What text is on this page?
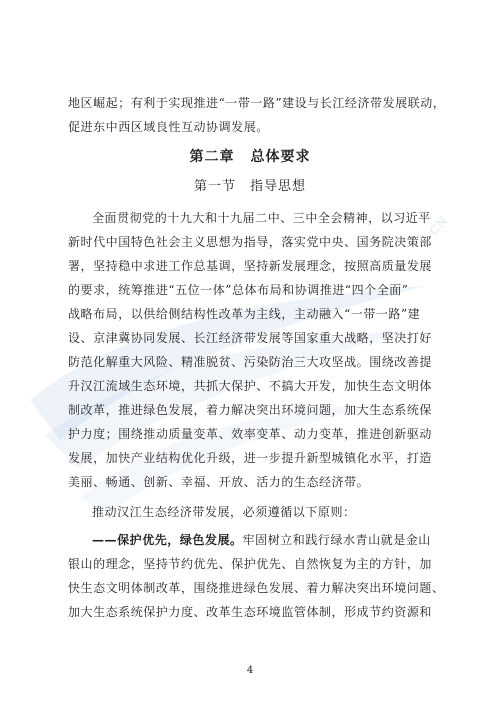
CN
地区崛起；有利于实现推进“一带一路”建设与长江经济带发展联动，
促进东中西区域良性互动协调发展。
第二章 总体要求
第一节 指导思想
全面贯彻党的十九大和十九届二中、三中全会精神，以习近平
新时代中国特色社会主义思想为指导，落实党中央、国务院决策部
署，坚持稳中求进工作总基调，坚持新发展理念，按照高质量发展
的要求，统筹推进“五位一体”总体布局和协调推进“四个全面”
战略布局，以供给侧结构性改革为主线，主动融入“一带一路”建
设、京津冀协同发展、长江经济带发展等国家重大战略，坚决打好
防范化解重大风险、精准脱贫、污染防治三大攻坚战。围绕改善提
升汉江流域生态环境，共抓大保护、不搞大开发，加快生态文明体
制改革，推进绿色发展，着力解决突出环境问题，加大生态系统保
护力度；围绕推动质量变革、效率变革、动力变革，推进创新驱动
发展，加快产业结构优化升级，进一步提升新型城镇化水平，打造
美丽、畅通、创新、幸福、开放、活力的生态经济带。
推动汉江生态经济带发展，必须遵循以下原则：
——保护优先，绿色发展。牢固树立和践行绿水青山就是金山
银山的理念，坚持节约优先、保护优先、自然恢复为主的方针，加
快生态文明体制改革，围绕推进绿色发展、着力解决突出环境问题、
加大生态系统保护力度、改革生态环境监管体制，形成节约资源和
4
